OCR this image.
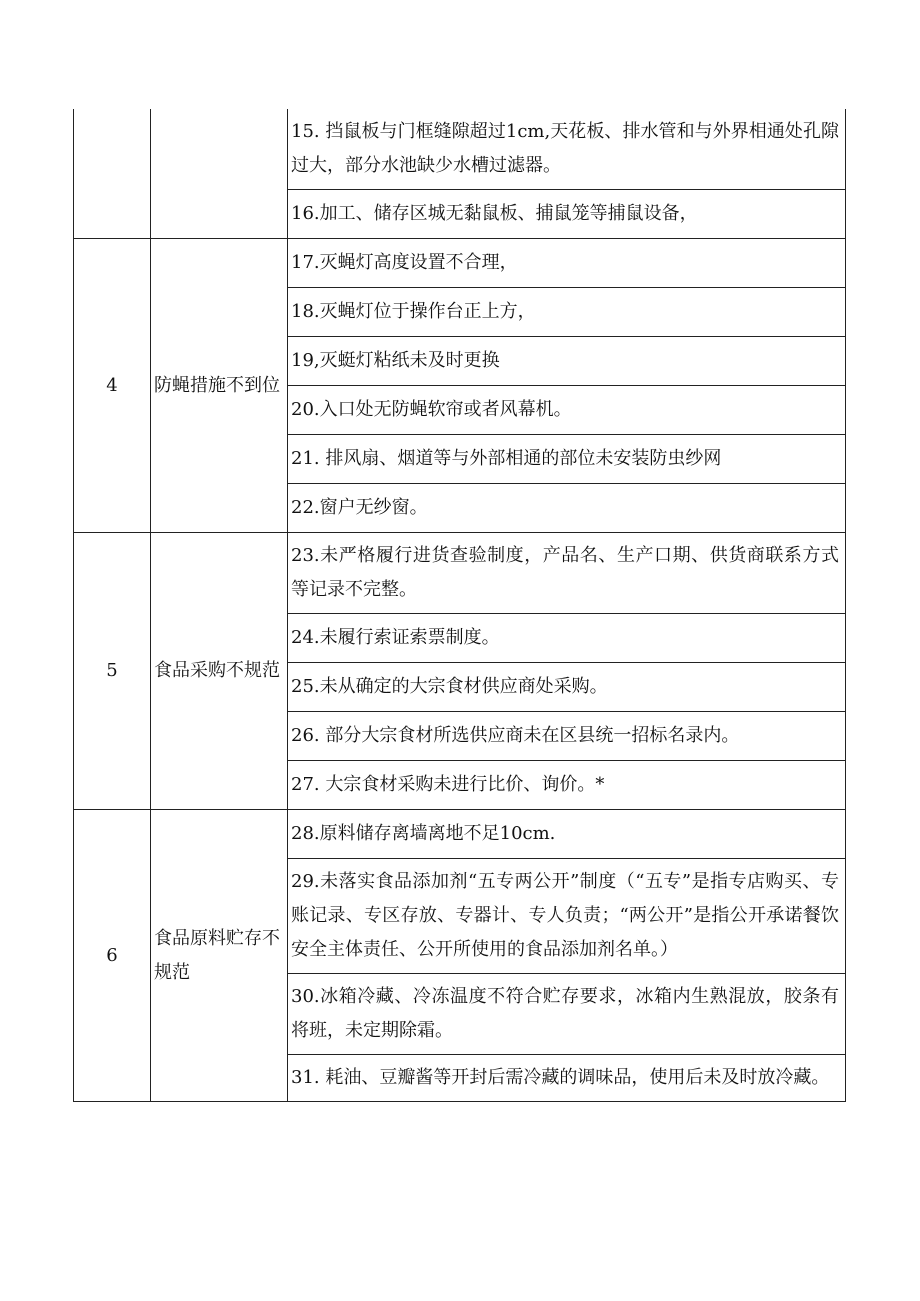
		15. 挡鼠板与门框缝隙超过1cm,天花板、排水管和与外界相通处孔隙过大，部分水池缺少水槽过滤器。
		16.加工、储存区城无黏鼠板、捕鼠笼等捕鼠设备，
4	防蝇措施不到位	17.灭蝇灯高度设置不合理，
		18.灭蝇灯位于操作台正上方，
		19,灭蜓灯粘纸未及时更换
		20.入口处无防蝇软帘或者风幕机。
		21. 排风扇、烟道等与外部相通的部位未安装防虫纱网
		22.窗户无纱窗。
5	食品采购不规范	23.未严格履行进货查验制度，产品名、生产口期、供货商联系方式等记录不完整。
		24.未履行索证索票制度。
		25.未从确定的大宗食材供应商处采购。
		26. 部分大宗食材所选供应商未在区县统一招标名录内。
		27. 大宗食材采购未进行比价、询价。*
6	食品原料贮存不规范	28.原料储存离墙离地不足10cm.
		29.未落实食品添加剂“五专两公开”制度（“五专”是指专店购买、专账记录、专区存放、专器计、专人负责；“两公开”是指公开承诺餐饮安全主体责任、公开所使用的食品添加剂名单。）
		30.冰箱冷藏、冷冻温度不符合贮存要求，冰箱内生熟混放，胶条有将班，未定期除霜。
		31. 耗油、豆瓣酱等开封后需冷藏的调味品，使用后未及时放冷藏。
